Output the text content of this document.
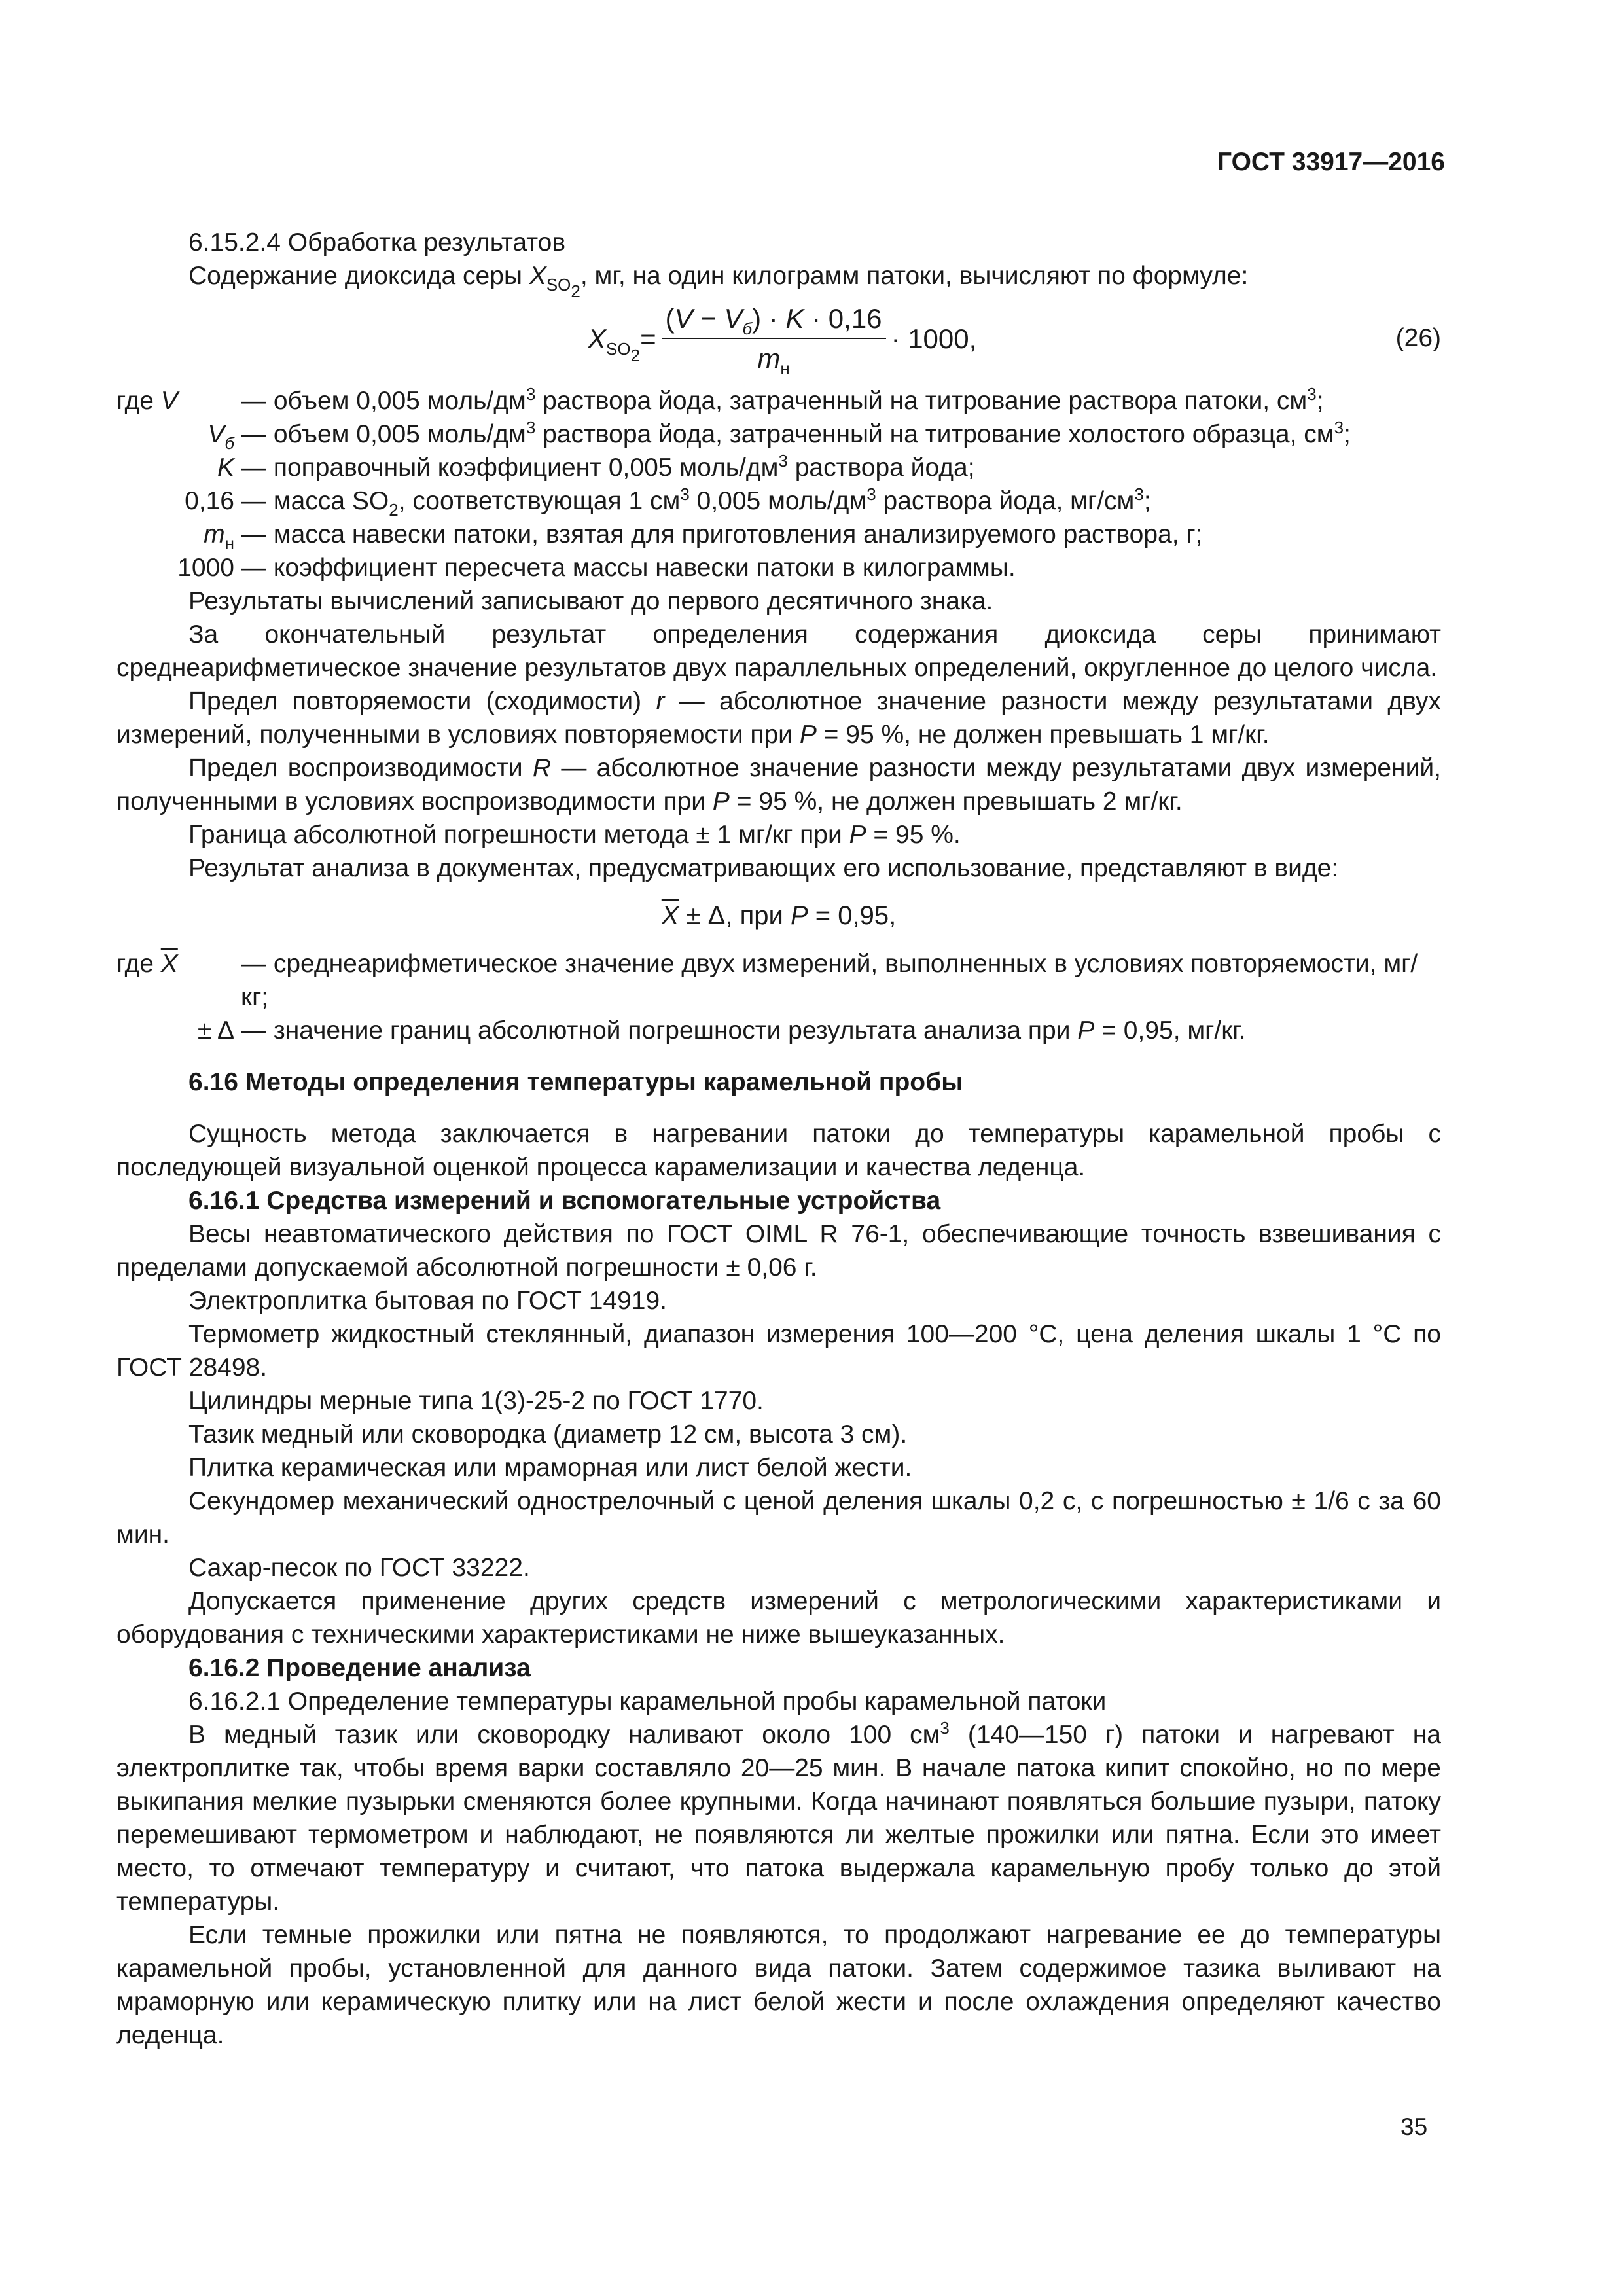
ГОСТ 33917—2016

6.15.2.4 Обработка результатов

Содержание диоксида серы $X_{SO_2}$, мг, на один килограмм патоки, вычисляют по формуле:

$X_{SO_2}$
= $\frac{(V - V_б) \cdot K \cdot 0,16}{m_н} \cdot 1000$,	(26)
где V	— объем 0,005 моль/$дм^3$ раствора йода, затраченный на титрование раствора патоки, $см^3$;
$V_б$ — объем 0,005 моль/$дм^3$ раствора йода, затраченный на титрование холостого образца, $см^3$;
K — поправочный коэффициент 0,005 моль/$дм^3$ раствора йода;
0,16 — масса $SO_2$, соответствующая 1 $см^3$ 0,005 моль/$дм^3$ раствора йода, $мг/см^3$;
$m_н$ — масса навески патоки, взятая для приготовления анализируемого раствора, г;
1000 — коэффициент пересчета массы навески патоки в килограммы.

Результаты вычислений записывают до первого десятичного знака.

За окончательный результат определения содержания диоксида серы принимают среднеарифметическое значение результатов двух параллельных определений, округленное до целого числа.

Предел повторяемости (сходимости) r — абсолютное значение разности между результатами двух измерений, полученными в условиях повторяемости при P = 95 %, не должен превышать 1 мг/кг.

Предел воспроизводимости R — абсолютное значение разности между результатами двух измерений, полученными в условиях воспроизводимости при P = 95 %, не должен превышать 2 мг/кг.

Граница абсолютной погрешности метода ± 1 мг/кг при P = 95 %.

Результат анализа в документах, предусматривающих его использование, представляют в виде:

$\overline{X} \pm \Delta$, при P = 0,95,
где $\overline{X}$	— среднеарифметическое значение двух измерений, выполненных в условиях повторяемости, мг/кг;
± Δ — значение границ абсолютной погрешности результата анализа при P = 0,95, мг/кг.

6.16 Методы определения температуры карамельной пробы

Сущность метода заключается в нагревании патоки до температуры карамельной пробы с последующей визуальной оценкой процесса карамелизации и качества леденца.

6.16.1 Средства измерений и вспомогательные устройства

Весы неавтоматического действия по ГОСТ OIML R 76-1, обеспечивающие точность взвешивания с пределами допускаемой абсолютной погрешности ± 0,06 г.

Электроплитка бытовая по ГОСТ 14919.

Термометр жидкостный стеклянный, диапазон измерения 100—200 °С, цена деления шкалы 1 °С по ГОСТ 28498.

Цилиндры мерные типа 1(3)-25-2 по ГОСТ 1770.

Тазик медный или сковородка (диаметр 12 см, высота 3 см).

Плитка керамическая или мраморная или лист белой жести.

Секундомер механический однострелочный с ценой деления шкалы 0,2 с, с погрешностью ± 1/6 с за 60 мин.

Сахар-песок по ГОСТ 33222.

Допускается применение других средств измерений с метрологическими характеристиками и оборудования с техническими характеристиками не ниже вышеуказанных.

6.16.2 Проведение анализа

6.16.2.1 Определение температуры карамельной пробы карамельной патоки

В медный тазик или сковородку наливают около 100 $см^3$ (140—150 г) патоки и нагревают на электроплитке так, чтобы время варки составляло 20—25 мин. В начале патока кипит спокойно, но по мере выкипания мелкие пузырьки сменяются более крупными. Когда начинают появляться большие пузыри, патоку перемешивают термометром и наблюдают, не появляются ли желтые прожилки или пятна. Если это имеет место, то отмечают температуру и считают, что патока выдержала карамельную пробу только до этой температуры.

Если темные прожилки или пятна не появляются, то продолжают нагревание ее до температуры карамельной пробы, установленной для данного вида патоки. Затем содержимое тазика выливают на мраморную или керамическую плитку или на лист белой жести и после охлаждения определяют качество леденца.

35
